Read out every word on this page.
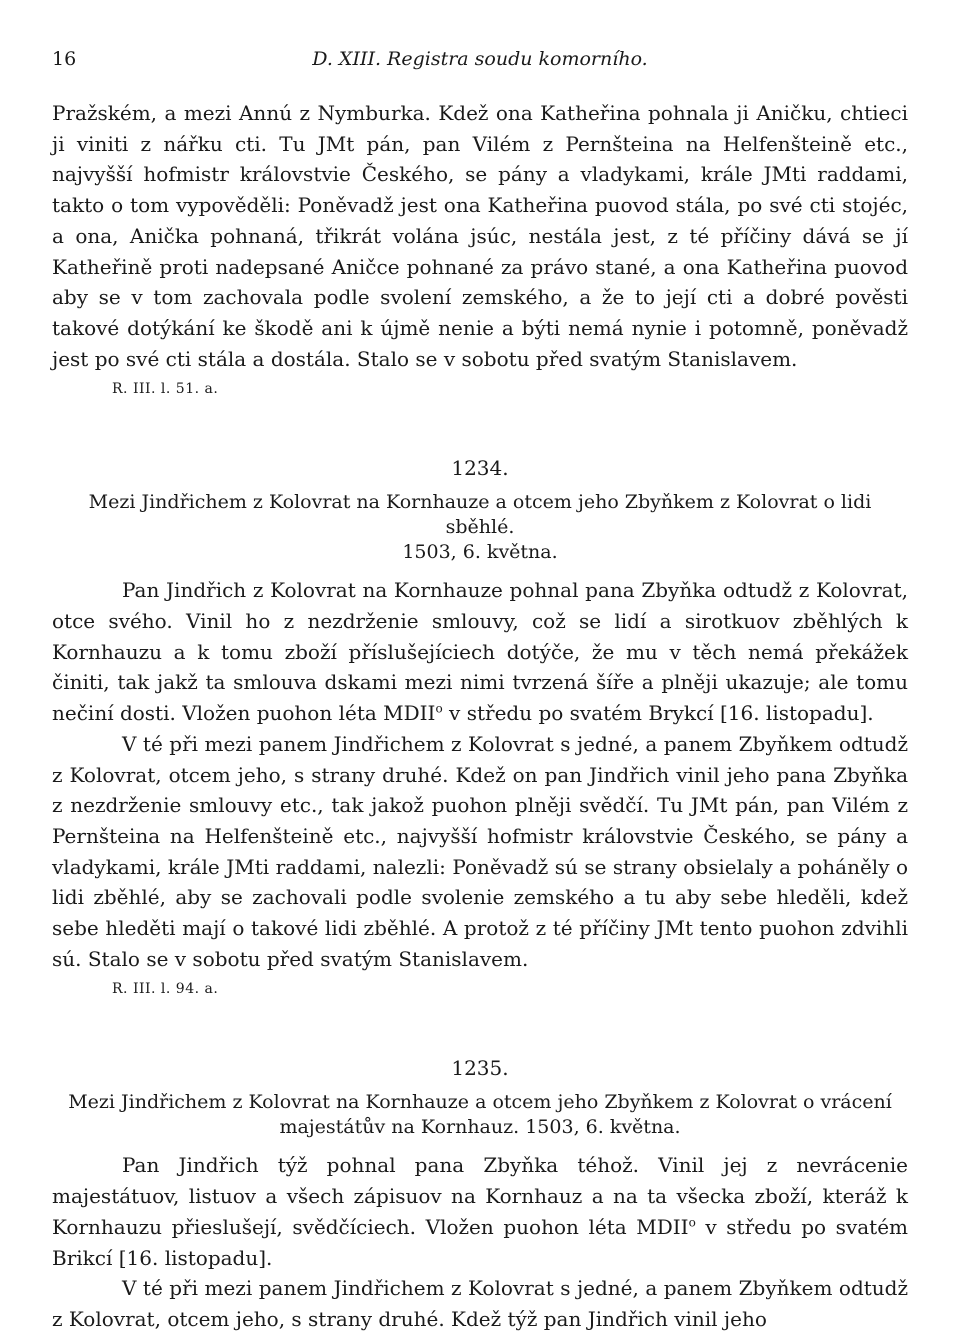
16	D. XIII. Registra soudu komorního.

Pražském, a mezi Annú z Nymburka. Kdež ona Katheřina pohnala ji Aničku, chtieci ji viniti z nářku cti. Tu JMt pán, pan Vilém z Pernšteina na Helfenšteině etc., najvyšší hofmistr královstvie Českého, se pány a vladykami, krále JMti raddami, takto o tom vypověděli: Poněvadž jest ona Katheřina puovod stála, po své cti stojéc, a ona, Anička pohnaná, třikrát volána jsúc, nestála jest, z té příčiny dává se jí Katheřině proti nadepsané Aničce pohnané za právo stané, a ona Katheřina puovod aby se v tom zachovala podle svolení zemského, a že to její cti a dobré pověsti takové dotýkání ke škodě ani k újmě nenie a býti nemá nynie i potomně, poněvadž jest po své cti stála a dostála. Stalo se v sobotu před svatým Stanislavem.

R. III. l. 51. a.
1234.
Mezi Jindřichem z Kolovrat na Kornhauze a otcem jeho Zbyňkem z Kolovrat o lidi sběhlé.
1503, 6. května.

Pan Jindřich z Kolovrat na Kornhauze pohnal pana Zbyňka odtudž z Kolovrat, otce svého. Vinil ho z nezdrženie smlouvy, což se lidí a sirotkuov zběhlých k Kornhauzu a k tomu zboží příslušejíciech dotýče, že mu v těch nemá překážek činiti, tak jakž ta smlouva dskami mezi nimi tvrzená šíře a plněji ukazuje; ale tomu nečiní dosti. Vložen puohon léta MDII$^o$ v středu po svatém Brykcí [16. listopadu].

V té při mezi panem Jindřichem z Kolovrat s jedné, a panem Zbyňkem odtudž z Kolovrat, otcem jeho, s strany druhé. Kdež on pan Jindřich vinil jeho pana Zbyňka z nezdrženie smlouvy etc., tak jakož puohon plněji svědčí. Tu JMt pán, pan Vilém z Pernšteina na Helfenšteině etc., najvyšší hofmistr královstvie Českého, se pány a vladykami, krále JMti raddami, nalezli: Poněvadž sú se strany obsielaly a poháněly o lidi zběhlé, aby se zachovali podle svolenie zemského a tu aby sebe hleděli, kdež sebe hleděti mají o takové lidi zběhlé. A protož z té příčiny JMt tento puohon zdvihli sú. Stalo se v sobotu před svatým Stanislavem.

R. III. l. 94. a.
1235.
Mezi Jindřichem z Kolovrat na Kornhauze a otcem jeho Zbyňkem z Kolovrat o vrácení majestátův na Kornhauz. 1503, 6. května.

Pan Jindřich týž pohnal pana Zbyňka téhož. Vinil jej z nevrácenie majestátuov, listuov a všech zápisuov na Kornhauz a na ta všecka zboží, kteráž k Kornhauzu přieslušejí, svědčíciech. Vložen puohon léta MDII$^o$ v středu po svatém Brikcí [16. listopadu].

V té při mezi panem Jindřichem z Kolovrat s jedné, a panem Zbyňkem odtudž z Kolovrat, otcem jeho, s strany druhé. Kdež týž pan Jindřich vinil jeho
